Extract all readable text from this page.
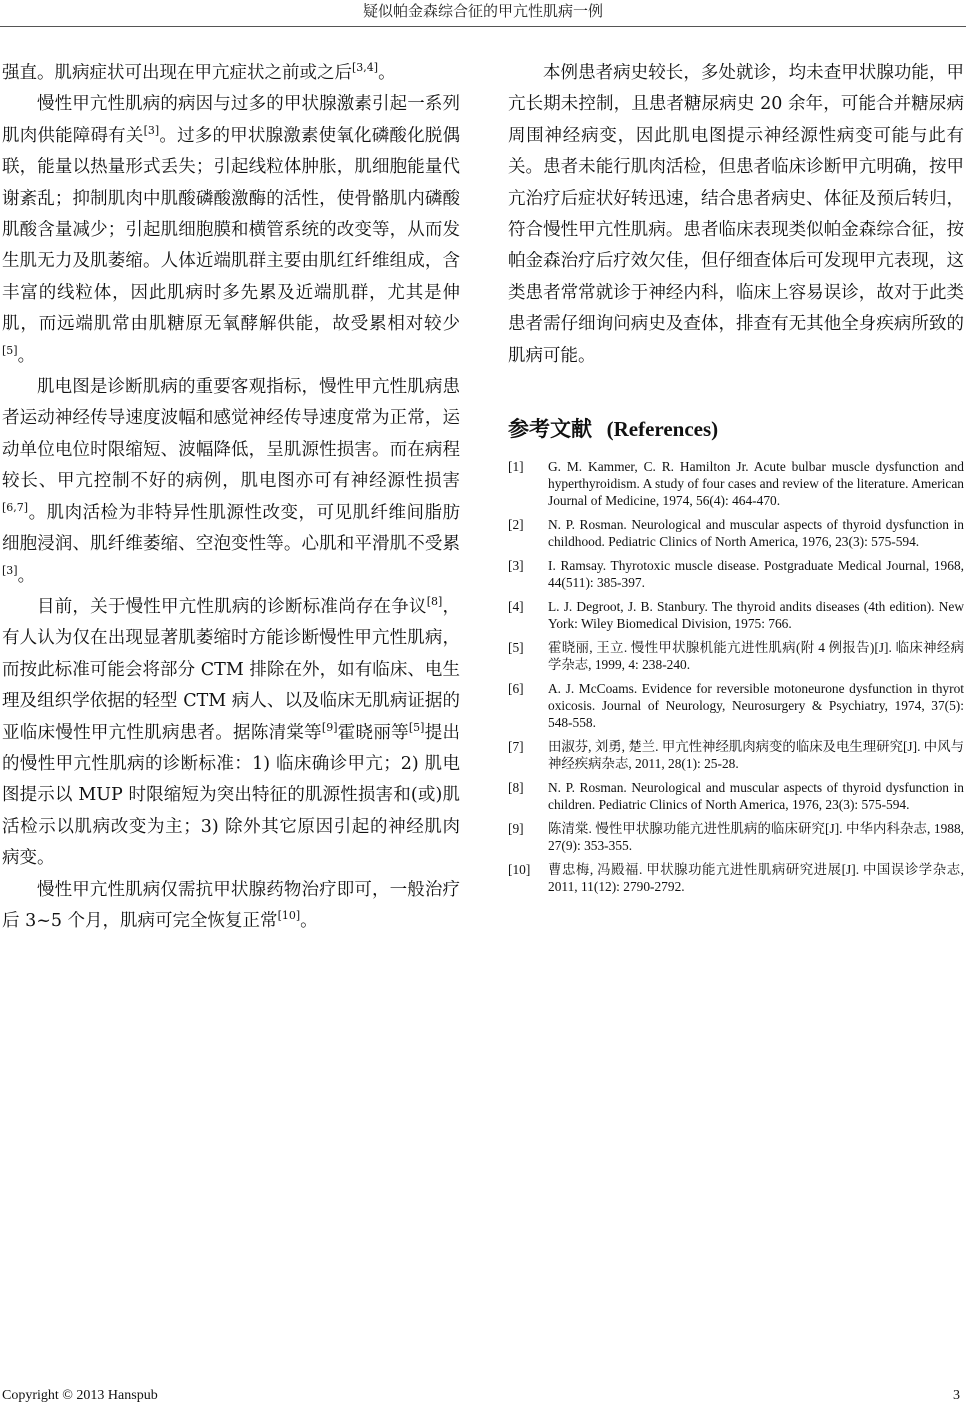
疑似帕金森综合征的甲亢性肌病一例

强直。肌病症状可出现在甲亢症状之前或之后[3,4]。

慢性甲亢性肌病的病因与过多的甲状腺激素引起一系列肌肉供能障碍有关[3]。过多的甲状腺激素使氧化磷酸化脱偶联，能量以热量形式丢失；引起线粒体肿胀，肌细胞能量代谢紊乱；抑制肌肉中肌酸磷酸激酶的活性，使骨骼肌内磷酸肌酸含量减少；引起肌细胞膜和横管系统的改变等，从而发生肌无力及肌萎缩。人体近端肌群主要由肌红纤维组成，含丰富的线粒体，因此肌病时多先累及近端肌群，尤其是伸肌，而远端肌常由肌糖原无氧酵解供能，故受累相对较少[5]。

肌电图是诊断肌病的重要客观指标，慢性甲亢性肌病患者运动神经传导速度波幅和感觉神经传导速度常为正常，运动单位电位时限缩短、波幅降低，呈肌源性损害。而在病程较长、甲亢控制不好的病例，肌电图亦可有神经源性损害[6,7]。肌肉活检为非特异性肌源性改变，可见肌纤维间脂肪细胞浸润、肌纤维萎缩、空泡变性等。心肌和平滑肌不受累[3]。

目前，关于慢性甲亢性肌病的诊断标准尚存在争议[8]，有人认为仅在出现显著肌萎缩时方能诊断慢性甲亢性肌病，而按此标准可能会将部分 CTM 排除在外，如有临床、电生理及组织学依据的轻型 CTM 病人、以及临床无肌病证据的亚临床慢性甲亢性肌病患者。据陈清棠等[9]霍晓丽等[5]提出的慢性甲亢性肌病的诊断标准：1) 临床确诊甲亢；2) 肌电图提示以 MUP 时限缩短为突出特征的肌源性损害和(或)肌活检示以肌病改变为主；3) 除外其它原因引起的神经肌肉病变。

慢性甲亢性肌病仅需抗甲状腺药物治疗即可，一般治疗后 3~5 个月，肌病可完全恢复正常[10]。

本例患者病史较长，多处就诊，均未查甲状腺功能，甲亢长期未控制，且患者糖尿病史 20 余年，可能合并糖尿病周围神经病变，因此肌电图提示神经源性病变可能与此有关。患者未能行肌肉活检，但患者临床诊断甲亢明确，按甲亢治疗后症状好转迅速，结合患者病史、体征及预后转归，符合慢性甲亢性肌病。患者临床表现类似帕金森综合征，按帕金森治疗后疗效欠佳，但仔细查体后可发现甲亢表现，这类患者常常就诊于神经内科，临床上容易误诊，故对于此类患者需仔细询问病史及查体，排查有无其他全身疾病所致的肌病可能。

参考文献 (References)
[1]	G. M. Kammer, C. R. Hamilton Jr. Acute bulbar muscle dysfunction and hyperthyroidism. A study of four cases and review of the literature. American Journal of Medicine, 1974, 56(4): 464-470.
[2]	N. P. Rosman. Neurological and muscular aspects of thyroid dysfunction in childhood. Pediatric Clinics of North America, 1976, 23(3): 575-594.
[3]	I. Ramsay. Thyrotoxic muscle disease. Postgraduate Medical Journal, 1968, 44(511): 385-397.
[4]	L. J. Degroot, J. B. Stanbury. The thyroid andits diseases (4th edition). New York: Wiley Biomedical Division, 1975: 766.
[5]	霍晓丽, 王立. 慢性甲状腺机能亢进性肌病(附 4 例报告)[J]. 临床神经病学杂志, 1999, 4: 238-240.
[6]	A. J. McCoams. Evidence for reversible motoneurone dysfunction in thyrot oxicosis. Journal of Neurology, Neurosurgery & Psychiatry, 1974, 37(5): 548-558.
[7]	田淑芬, 刘勇, 楚兰. 甲亢性神经肌肉病变的临床及电生理研究[J]. 中风与神经疾病杂志, 2011, 28(1): 25-28.
[8]	N. P. Rosman. Neurological and muscular aspects of thyroid dysfunction in children. Pediatric Clinics of North America, 1976, 23(3): 575-594.
[9]	陈清棠. 慢性甲状腺功能亢进性肌病的临床研究[J]. 中华内科杂志, 1988, 27(9): 353-355.
[10]	曹忠梅, 冯殿福. 甲状腺功能亢进性肌病研究进展[J]. 中国误诊学杂志, 2011, 11(12): 2790-2792.
Copyright © 2013 Hanspub	3
